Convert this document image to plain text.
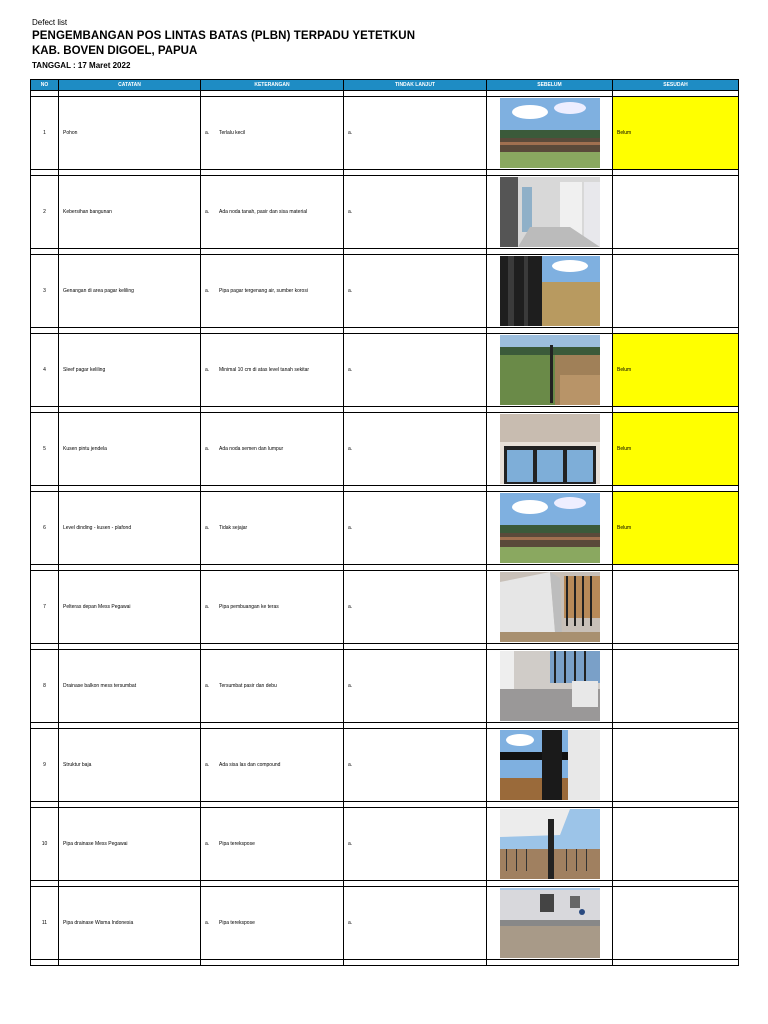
Defect list
PENGEMBANGAN POS LINTAS BATAS (PLBN) TERPADU YETETKUN
KAB. BOVEN DIGOEL, PAPUA
TANGGAL : 17 Maret 2022
NO	CATATAN	KETERANGAN	TINDAK LANJUT	SEBELUM	SESUDAH

1	Pohon	a. Terlalu kecil	a.		Belum

2	Kebersihan bangunan	a. Ada noda tanah, pasir dan sisa material	a.	

3	Genangan di area pagar keliling	a. Pipa pagar tergenang air, sumber korosi	a.	

4	Sleef pagar keliling	a. Minimal 10 cm di atas level tanah sekitar	a.		Belum

5	Kusen pintu jendela	a. Ada noda semen dan lumpur	a.		Belum

6	Level dinding - kusen - plafond	a. Tidak sejajar	a.		Belum

7	Pelteras depan Mess Pegawai	a. Pipa pembuangan ke teras	a.	

8	Drainase balkon mess tersumbat	a. Tersumbat pasir dan debu	a.	

9	Struktur baja	a. Ada sisa las dan compound	a.	

10	Pipa drainase Mess Pegawai	a. Pipa terekspose	a.	

11	Pipa drainase Wisma Indonesia	a. Pipa terekspose	a.	
